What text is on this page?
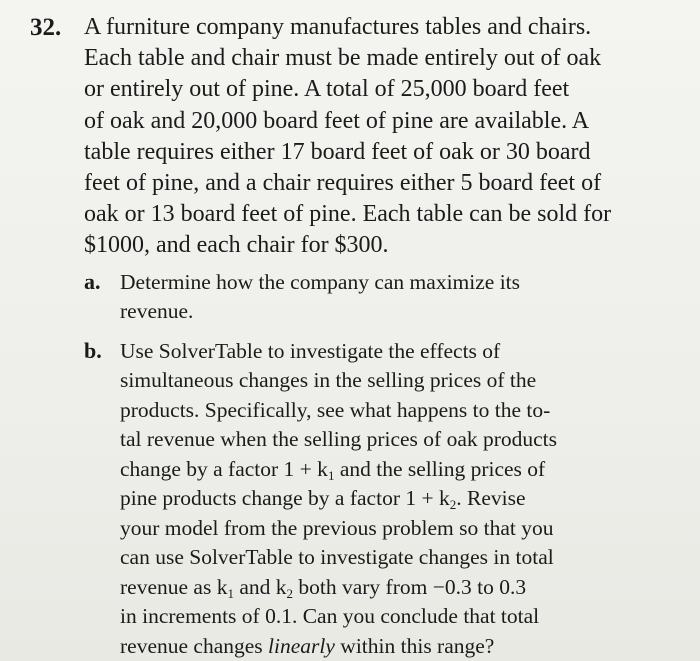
32. A furniture company manufactures tables and chairs.
Each table and chair must be made entirely out of oak
or entirely out of pine. A total of 25,000 board feet
of oak and 20,000 board feet of pine are available. A
table requires either 17 board feet of oak or 30 board
feet of pine, and a chair requires either 5 board feet of
oak or 13 board feet of pine. Each table can be sold for
$1000, and each chair for $300.
a. Determine how the company can maximize its
revenue.
b. Use SolverTable to investigate the effects of
simultaneous changes in the selling prices of the
products. Specifically, see what happens to the to-
tal revenue when the selling prices of oak products
change by a factor $1 + k_1$ and the selling prices of
pine products change by a factor $1 + k_2$. Revise
your model from the previous problem so that you
can use SolverTable to investigate changes in total
revenue as $k_1$ and $k_2$ both vary from −0.3 to 0.3
in increments of 0.1. Can you conclude that total
revenue changes linearly within this range?
